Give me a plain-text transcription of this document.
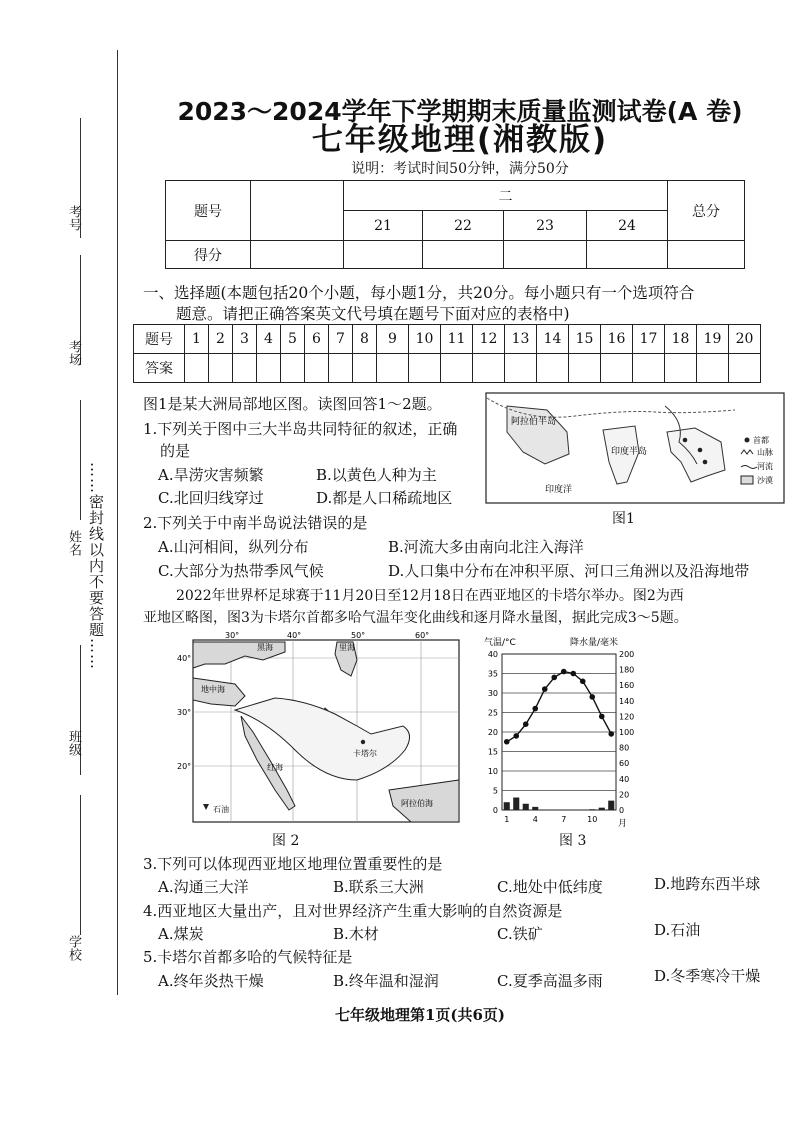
考号
考场
姓名 ……密封线以内不要答题……
班级
学校
2023～2024学年下学期期末质量监测试卷(A 卷)
七年级地理(湘教版)
说明：考试时间50分钟，满分50分
题号		二				总分
		21	22	23	24	
得分						
一、选择题(本题包括20个小题，每小题1分，共20分。每小题只有一个选项符合
题意。请把正确答案英文代号填在题号下面对应的表格中)
题号	1	2	3	4	5	6	7	8	9	10	11	12	13	14	15	16	17	18	19	20
答案																				
图1是某大洲局部地区图。读图回答1～2题。
阿拉伯半岛
印度半岛
印度洋
首都
山脉
河流
沙漠
图1
1.下列关于图中三大半岛共同特征的叙述，正确
的是
A.旱涝灾害频繁	B.以黄色人种为主
C.北回归线穿过	D.都是人口稀疏地区
2.下列关于中南半岛说法错误的是
A.山河相间，纵列分布	B.河流大多由南向北注入海洋
C.大部分为热带季风气候	D.人口集中分布在冲积平原、河口三角洲以及沿海地带
2022年世界杯足球赛于11月20日至12月18日在西亚地区的卡塔尔举办。图2为西
亚地区略图，图3为卡塔尔首都多哈气温年变化曲线和逐月降水量图，据此完成3～5题。
卡塔尔
黑海	里海
地中海
红海
阿拉伯海
石油
30°	40°	50°	60°
40°
30°
20°
图 2
气温/°C	降水量/毫米
40
35
30
25
20
15
10
5
0
200
180
160
140
120
100
80
60
40
20
0
1	4	7	10 月
图 3
3.下列可以体现西亚地区地理位置重要性的是
A.沟通三大洋	B.联系三大洲	C.地处中低纬度	D.地跨东西半球
4.西亚地区大量出产，且对世界经济产生重大影响的自然资源是
A.煤炭	B.木材	C.铁矿	D.石油
5.卡塔尔首都多哈的气候特征是
A.终年炎热干燥	B.终年温和湿润	C.夏季高温多雨	D.冬季寒冷干燥
七年级地理第1页(共6页)
